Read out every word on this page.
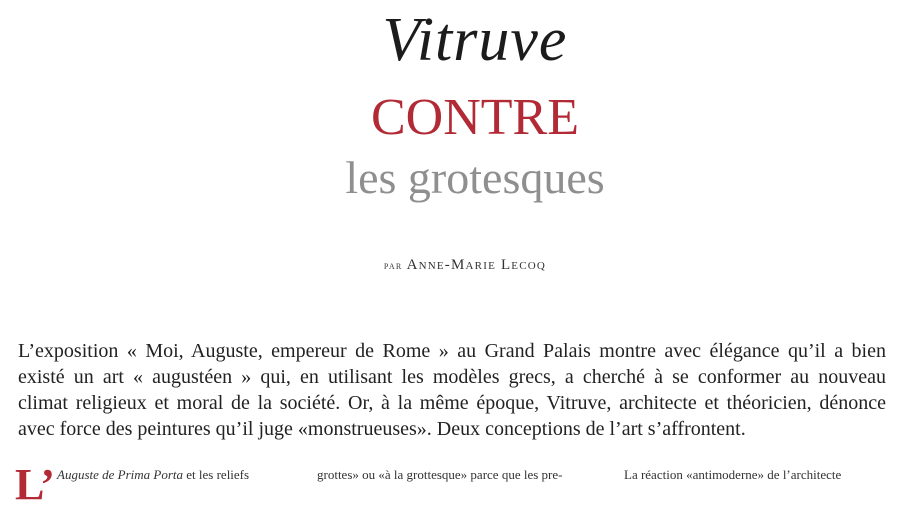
Vitruve
CONTRE
les grotesques
par Anne-Marie Lecoq
L’exposition « Moi, Auguste, empereur de Rome » au Grand Palais montre avec élégance qu’il a bien
existé un art « augustéen » qui, en utilisant les modèles grecs, a cherché à se conformer au nouveau
climat religieux et moral de la société. Or, à la même époque, Vitruve, architecte et théoricien, dénonce
avec force des peintures qu’il juge «monstrueuses». Deux conceptions de l’art s’affrontent.
L’ Auguste de Prima Porta et les reliefs	grottes» ou «à la grottesque» parce que les pre-	La réaction «antimoderne» de l’architecte
